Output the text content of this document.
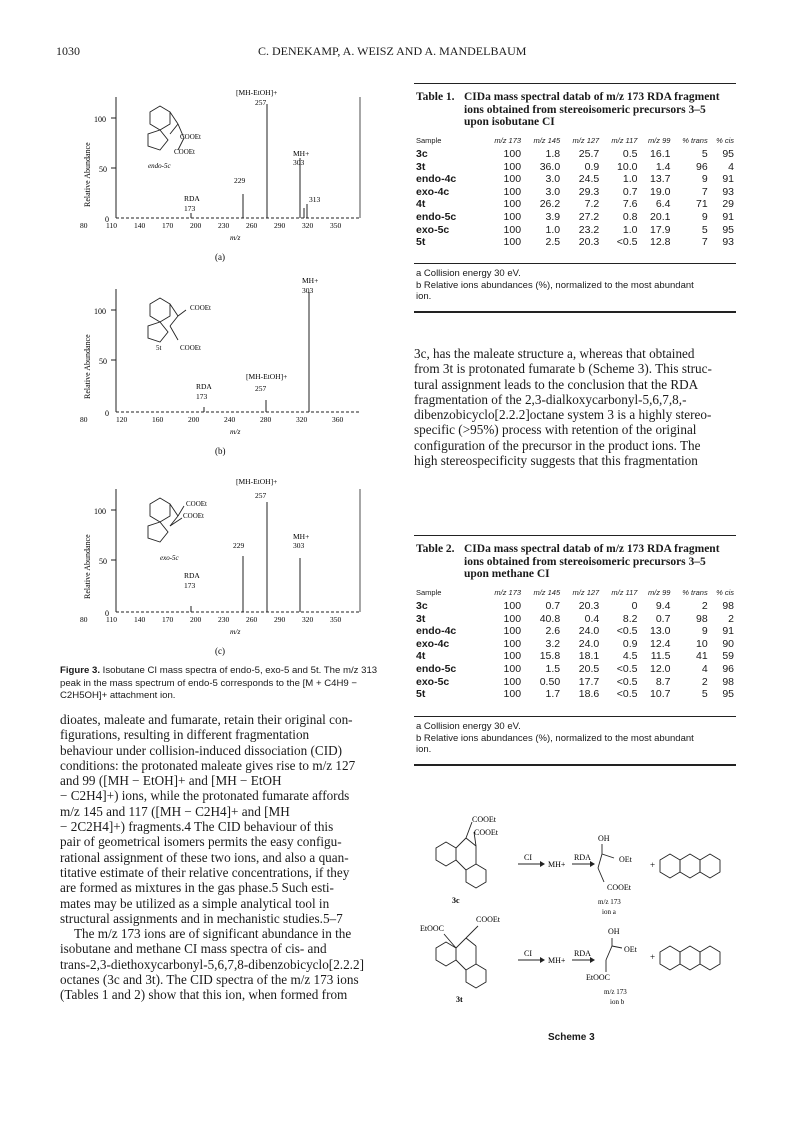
1030	C. DENEKAMP, A. WEISZ AND A. MANDELBAUM
100
50
0
Relative Abundance
COOEt
COOEt
endo-5c
[MH-EtOH]+
257
MH+
303
229
RDA
173
313
80 110 140 170 200 230 260 290 320 350
m/z
(a)
100
50
0
Relative Abundance
COOEt
5t	COOEt
MH+
303
[MH-EtOH]+
257
RDA
173
80	120	160	200	240	280	320	360
m/z
(b)
100
50
0
Relative Abundance
COOEt
COOEt
exo-5c
[MH-EtOH]+
257
MH+
303
229
RDA
173
80 110 140 170 200 230 260 290 320 350
m/z
(c)
Figure 3. Isobutane CI mass spectra of endo-5, exo-5 and 5t. The m/z 313 peak in the mass spectrum of endo-5 corresponds to the [M + C4H9 − C2H5OH]+ attachment ion.

dioates, maleate and fumarate, retain their original con-

figurations, resulting in different fragmentation

behaviour under collision-induced dissociation (CID)

conditions: the protonated maleate gives rise to m/z 127

and 99 ([MH − EtOH]+ and [MH − EtOH

− C2H4]+) ions, while the protonated fumarate affords

m/z 145 and 117 ([MH − C2H4]+ and [MH

− 2C2H4]+) fragments.4 The CID behaviour of this

pair of geometrical isomers permits the easy configu-

rational assignment of these two ions, and also a quan-

titative estimate of their relative concentrations, if they

are formed as mixtures in the gas phase.5 Such esti-

mates may be utilized as a simple analytical tool in

structural assignments and in mechanistic studies.5–7

The m/z 173 ions are of significant abundance in the

isobutane and methane CI mass spectra of cis- and

trans-2,3-diethoxycarbonyl-5,6,7,8-dibenzobicyclo[2.2.2]

octanes (3c and 3t). The CID spectra of the m/z 173 ions

(Tables 1 and 2) show that this ion, when formed from

Table 1. CIDa mass spectral datab of m/z 173 RDA fragment
ions obtained from stereoisomeric precursors 3–5
upon isobutane CI
Sample	m/z 173	m/z 145	m/z 127	m/z 117	m/z 99	% trans	% cis
3c	100	1.8	25.7	0.5	16.1	5	95
3t	100	36.0	0.9	10.0	1.4	96	4
endo-4c	100	3.0	24.5	1.0	13.7	9	91
exo-4c	100	3.0	29.3	0.7	19.0	7	93
4t	100	26.2	7.2	7.6	6.4	71	29
endo-5c	100	3.9	27.2	0.8	20.1	9	91
exo-5c	100	1.0	23.2	1.0	17.9	5	95
5t	100	2.5	20.3	<0.5	12.8	7	93
a Collision energy 30 eV.
b Relative ions abundances (%), normalized to the most abundant
ion.

3c, has the maleate structure a, whereas that obtained

from 3t is protonated fumarate b (Scheme 3). This struc-

tural assignment leads to the conclusion that the RDA

fragmentation of the 2,3-dialkoxycarbonyl-5,6,7,8,-

dibenzobicyclo[2.2.2]octane system 3 is a highly stereo-

specific (>95%) process with retention of the original

configuration of the precursor in the product ions. The

high stereospecificity suggests that this fragmentation

Table 2. CIDa mass spectral datab of m/z 173 RDA fragment
ions obtained from stereoisomeric precursors 3–5
upon methane CI
Sample	m/z 173	m/z 145	m/z 127	m/z 117	m/z 99	% trans	% cis
3c	100	0.7	20.3	0	9.4	2	98
3t	100	40.8	0.4	8.2	0.7	98	2
endo-4c	100	2.6	24.0	<0.5	13.0	9	91
exo-4c	100	3.2	24.0	0.9	12.4	10	90
4t	100	15.8	18.1	4.5	11.5	41	59
endo-5c	100	1.5	20.5	<0.5	12.0	4	96
exo-5c	100	0.50	17.7	<0.5	8.7	2	98
5t	100	1.7	18.6	<0.5	10.7	5	95
a Collision energy 30 eV.
b Relative ions abundances (%), normalized to the most abundant
ion.
COOEt
COOEt
3c
CI
MH+
RDA
OH
OEt
COOEt
+
m/z 173
ion a
EtOOC
COOEt
3t
CI
MH+
RDA
OH
OEt
EtOOC
+
m/z 173
ion b
Scheme 3
